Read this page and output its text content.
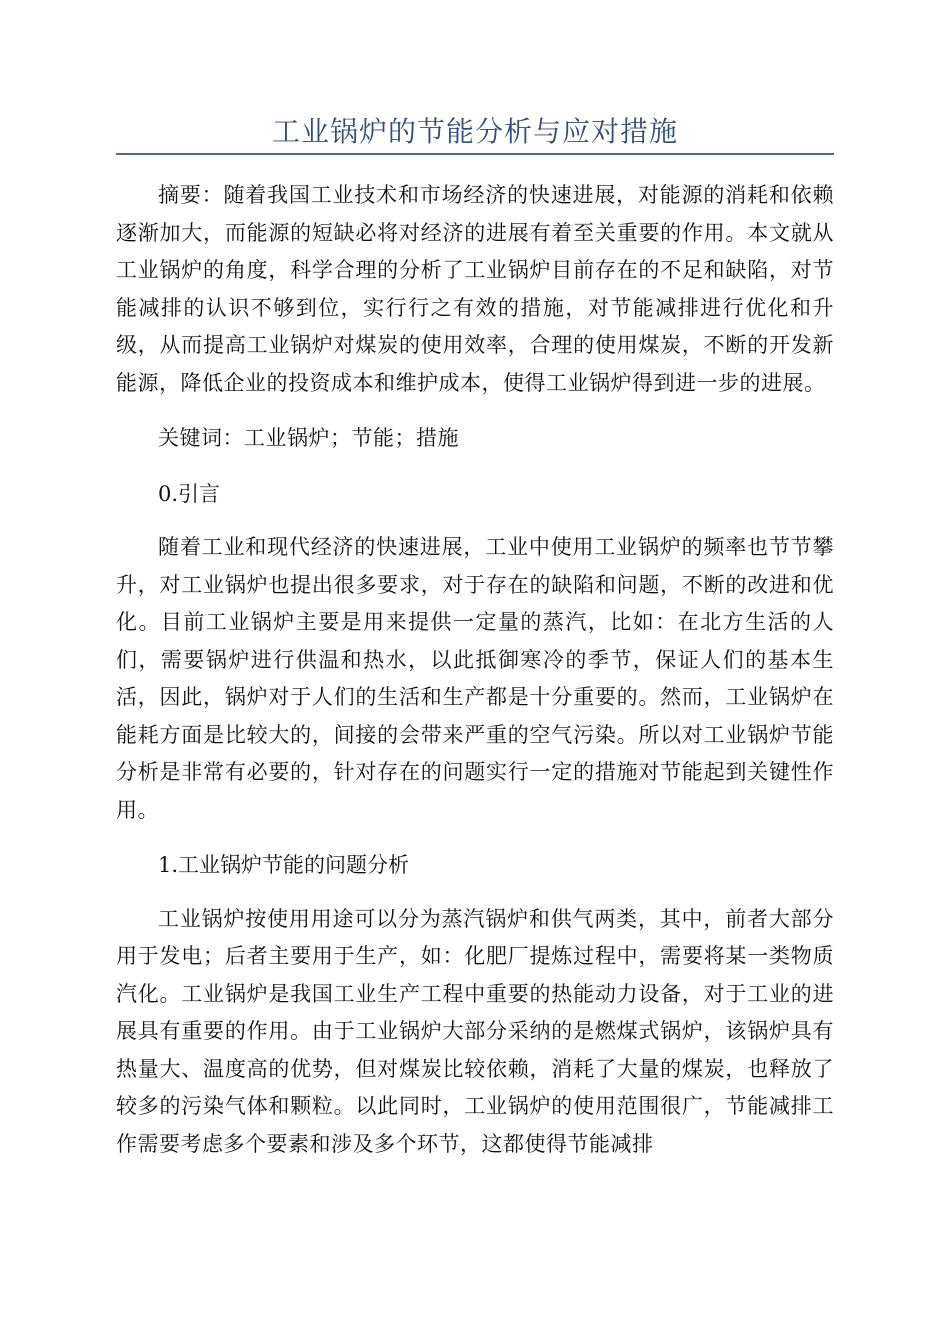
工业锅炉的节能分析与应对措施

摘要：随着我国工业技术和市场经济的快速进展，对能源的消耗和依赖逐渐加大，而能源的短缺必将对经济的进展有着至关重要的作用。本文就从工业锅炉的角度，科学合理的分析了工业锅炉目前存在的不足和缺陷，对节能减排的认识不够到位，实行行之有效的措施，对节能减排进行优化和升级，从而提高工业锅炉对煤炭的使用效率，合理的使用煤炭，不断的开发新能源，降低企业的投资成本和维护成本，使得工业锅炉得到进一步的进展。

关键词：工业锅炉；节能；措施

0.引言

随着工业和现代经济的快速进展，工业中使用工业锅炉的频率也节节攀升，对工业锅炉也提出很多要求，对于存在的缺陷和问题，不断的改进和优化。目前工业锅炉主要是用来提供一定量的蒸汽，比如：在北方生活的人们，需要锅炉进行供温和热水，以此抵御寒冷的季节，保证人们的基本生活，因此，锅炉对于人们的生活和生产都是十分重要的。然而，工业锅炉在能耗方面是比较大的，间接的会带来严重的空气污染。所以对工业锅炉节能分析是非常有必要的，针对存在的问题实行一定的措施对节能起到关键性作用。

1.工业锅炉节能的问题分析

工业锅炉按使用用途可以分为蒸汽锅炉和供气两类，其中，前者大部分用于发电；后者主要用于生产，如：化肥厂提炼过程中，需要将某一类物质汽化。工业锅炉是我国工业生产工程中重要的热能动力设备，对于工业的进展具有重要的作用。由于工业锅炉大部分采纳的是燃煤式锅炉，该锅炉具有热量大、温度高的优势，但对煤炭比较依赖，消耗了大量的煤炭，也释放了较多的污染气体和颗粒。以此同时，工业锅炉的使用范围很广，节能减排工作需要考虑多个要素和涉及多个环节，这都使得节能减排
